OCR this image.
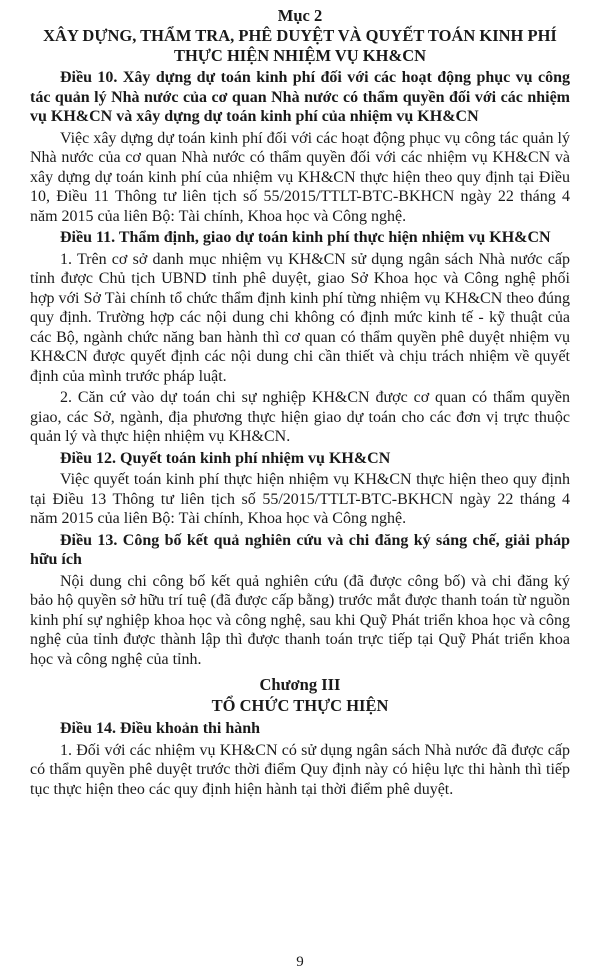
Mục 2

XÂY DỰNG, THẨM TRA, PHÊ DUYỆT VÀ QUYẾT TOÁN KINH PHÍ
THỰC HIỆN NHIỆM VỤ KH&CN

Điều 10. Xây dựng dự toán kinh phí đối với các hoạt động phục vụ công tác quản lý Nhà nước của cơ quan Nhà nước có thẩm quyền đối với các nhiệm vụ KH&CN và xây dựng dự toán kinh phí của nhiệm vụ KH&CN

Việc xây dựng dự toán kinh phí đối với các hoạt động phục vụ công tác quản lý Nhà nước của cơ quan Nhà nước có thẩm quyền đối với các nhiệm vụ KH&CN và xây dựng dự toán kinh phí của nhiệm vụ KH&CN thực hiện theo quy định tại Điều 10, Điều 11 Thông tư liên tịch số 55/2015/TTLT-BTC-BKHCN ngày 22 tháng 4 năm 2015 của liên Bộ: Tài chính, Khoa học và Công nghệ.

Điều 11. Thẩm định, giao dự toán kinh phí thực hiện nhiệm vụ KH&CN

1. Trên cơ sở danh mục nhiệm vụ KH&CN sử dụng ngân sách Nhà nước cấp tỉnh được Chủ tịch UBND tỉnh phê duyệt, giao Sở Khoa học và Công nghệ phối hợp với Sở Tài chính tổ chức thẩm định kinh phí từng nhiệm vụ KH&CN theo đúng quy định. Trường hợp các nội dung chi không có định mức kinh tế - kỹ thuật của các Bộ, ngành chức năng ban hành thì cơ quan có thẩm quyền phê duyệt nhiệm vụ KH&CN được quyết định các nội dung chi cần thiết và chịu trách nhiệm về quyết định của mình trước pháp luật.

2. Căn cứ vào dự toán chi sự nghiệp KH&CN được cơ quan có thẩm quyền giao, các Sở, ngành, địa phương thực hiện giao dự toán cho các đơn vị trực thuộc quản lý và thực hiện nhiệm vụ KH&CN.

Điều 12. Quyết toán kinh phí nhiệm vụ KH&CN

Việc quyết toán kinh phí thực hiện nhiệm vụ KH&CN thực hiện theo quy định tại Điều 13 Thông tư liên tịch số 55/2015/TTLT-BTC-BKHCN ngày 22 tháng 4 năm 2015 của liên Bộ: Tài chính, Khoa học và Công nghệ.

Điều 13. Công bố kết quả nghiên cứu và chi đăng ký sáng chế, giải pháp hữu ích

Nội dung chi công bố kết quả nghiên cứu (đã được công bố) và chi đăng ký bảo hộ quyền sở hữu trí tuệ (đã được cấp bằng) trước mắt được thanh toán từ nguồn kinh phí sự nghiệp khoa học và công nghệ, sau khi Quỹ Phát triển khoa học và công nghệ của tỉnh được thành lập thì được thanh toán trực tiếp tại Quỹ Phát triển khoa học và công nghệ của tỉnh.

Chương III

TỔ CHỨC THỰC HIỆN

Điều 14. Điều khoản thi hành

1. Đối với các nhiệm vụ KH&CN có sử dụng ngân sách Nhà nước đã được cấp có thẩm quyền phê duyệt trước thời điểm Quy định này có hiệu lực thi hành thì tiếp tục thực hiện theo các quy định hiện hành tại thời điểm phê duyệt.

9
